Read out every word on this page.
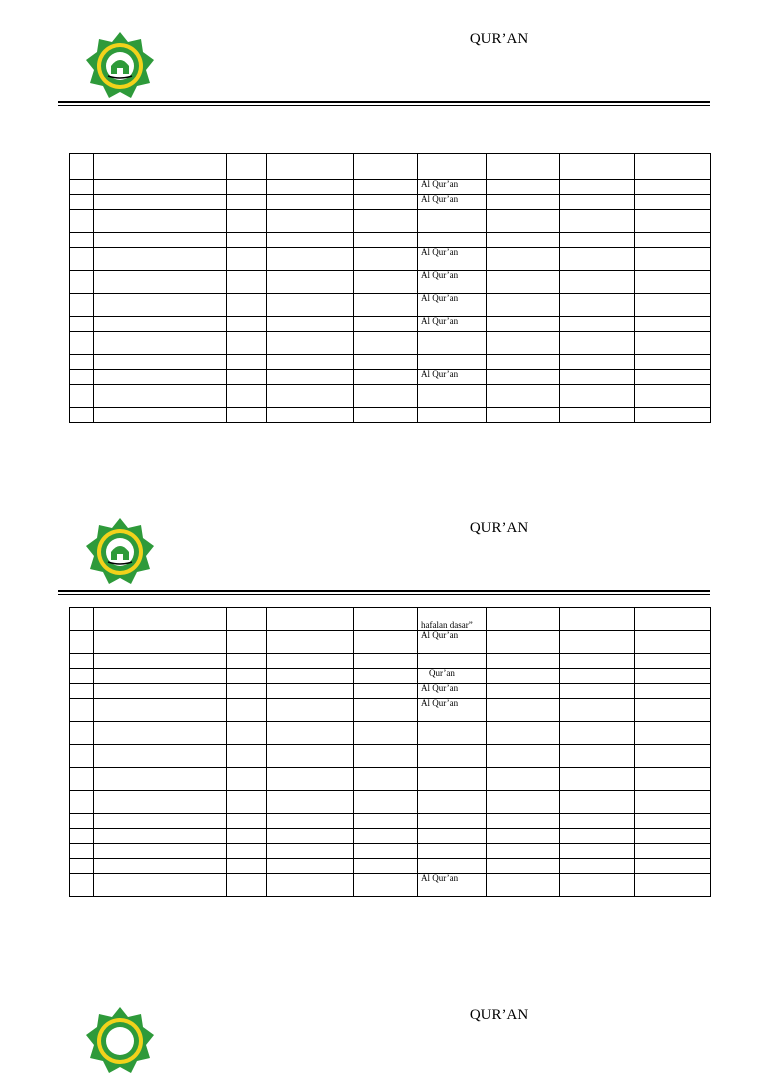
QUR’AN

					Al Qur’an			
					Al Qur’an			

					Al Qur’an			
					Al Qur’an			
					Al Qur’an			
					Al Qur’an			

					Al Qur’an			

QUR’AN
					hafalan dasar”			
					Al Qur’an			

					Qur’an			
					Al Qur’an			
					Al Qur’an			

					Al Qur’an			
QUR’AN
